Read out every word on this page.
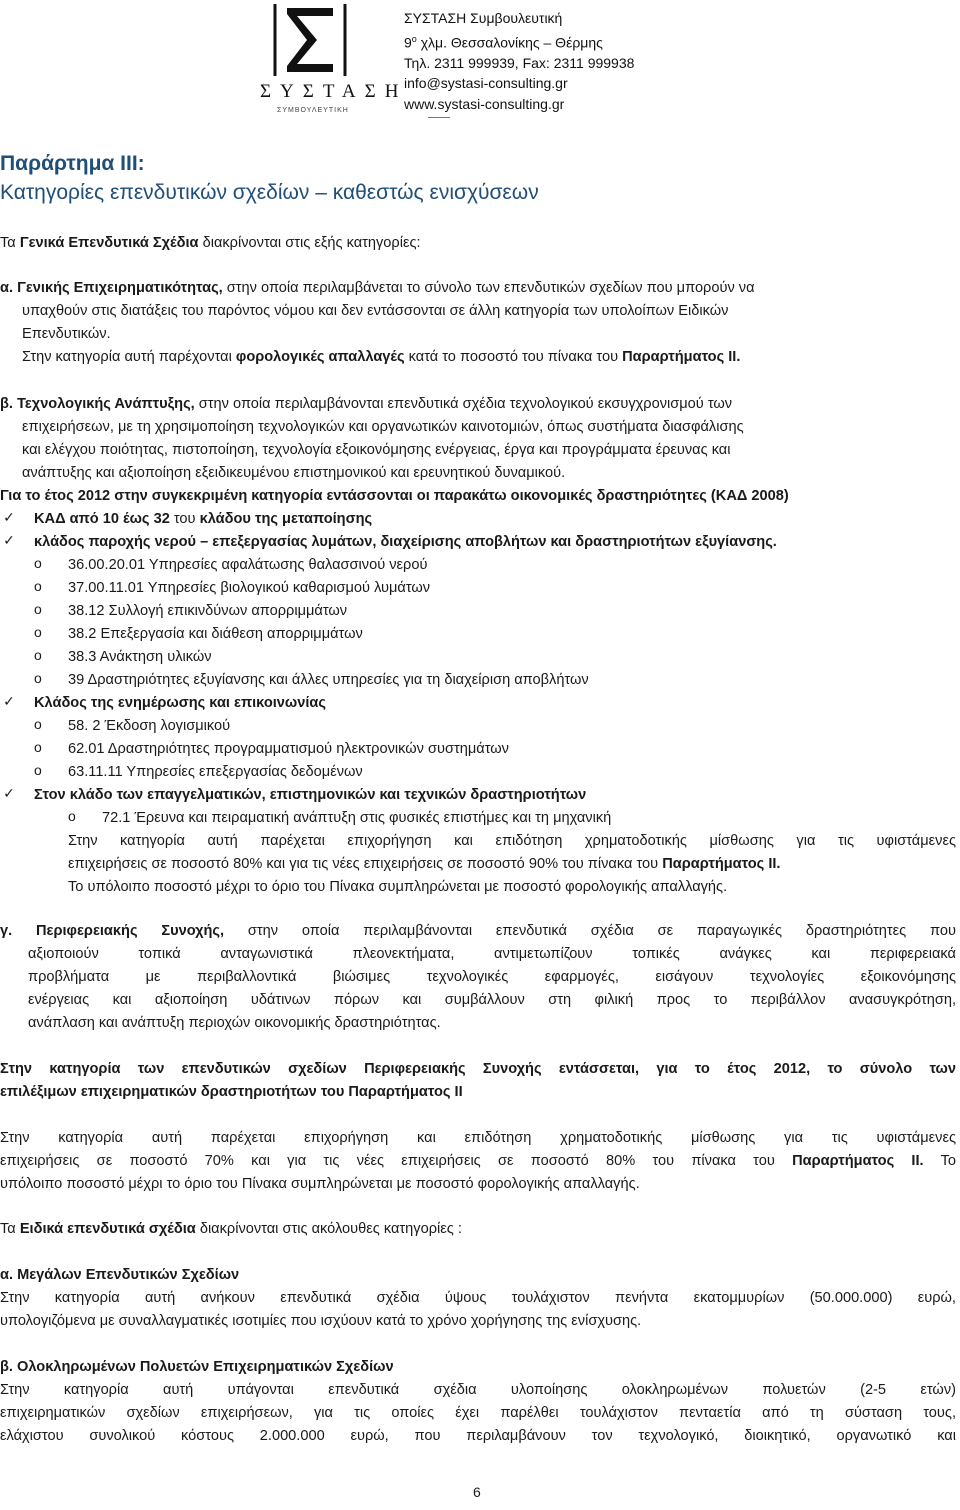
ΣΥΣΤΑΣΗ
ΣΥΜΒΟΥΛΕΥΤΙΚΗ
ΣΥΣΤΑΣΗ Συμβουλευτική
$9^o$ χλμ. Θεσσαλονίκης – Θέρμης
Τηλ. 2311 999939, Fax: 2311 999938
info@systasi-consulting.gr
www.systasi-consulting.gr
Παράρτημα ΙΙΙ:
Κατηγορίες επενδυτικών σχεδίων – καθεστώς ενισχύσεων
Τα Γενικά Επενδυτικά Σχέδια διακρίνονται στις εξής κατηγορίες:
α. Γενικής Επιχειρηματικότητας, στην οποία περιλαμβάνεται το σύνολο των επενδυτικών σχεδίων που μπορούν να
υπαχθούν στις διατάξεις του παρόντος νόμου και δεν εντάσσονται σε άλλη κατηγορία των υπολοίπων Ειδικών
Επενδυτικών.
Στην κατηγορία αυτή παρέχονται φορολογικές απαλλαγές κατά το ποσοστό του πίνακα του Παραρτήματος ΙΙ.
β. Τεχνολογικής Ανάπτυξης, στην οποία περιλαμβάνονται επενδυτικά σχέδια τεχνολογικού εκσυγχρονισμού των
επιχειρήσεων, με τη χρησιμοποίηση τεχνολογικών και οργανωτικών καινοτομιών, όπως συστήματα διασφάλισης
και ελέγχου ποιότητας, πιστοποίηση, τεχνολογία εξοικονόμησης ενέργειας, έργα και προγράμματα έρευνας και
ανάπτυξης και αξιοποίηση εξειδικευμένου επιστημονικού και ερευνητικού δυναμικού.
Για το έτος 2012 στην συγκεκριμένη κατηγορία εντάσσονται οι παρακάτω οικονομικές δραστηριότητες (ΚΑΔ 2008)
✓ ΚΑΔ από 10 έως 32 του κλάδου της μεταποίησης
✓ κλάδος παροχής νερού – επεξεργασίας λυμάτων, διαχείρισης αποβλήτων και δραστηριοτήτων εξυγίανσης.
o 36.00.20.01 Υπηρεσίες αφαλάτωσης θαλασσινού νερού
o 37.00.11.01 Υπηρεσίες βιολογικού καθαρισμού λυμάτων
o 38.12 Συλλογή επικινδύνων απορριμμάτων
o 38.2 Επεξεργασία και διάθεση απορριμμάτων
o 38.3 Ανάκτηση υλικών
o 39 Δραστηριότητες εξυγίανσης και άλλες υπηρεσίες για τη διαχείριση αποβλήτων
✓ Κλάδος της ενημέρωσης και επικοινωνίας
o 58. 2 Έκδοση λογισμικού
o 62.01 Δραστηριότητες προγραμματισμού ηλεκτρονικών συστημάτων
o 63.11.11 Υπηρεσίες επεξεργασίας δεδομένων
✓ Στον κλάδο των επαγγελματικών, επιστημονικών και τεχνικών δραστηριοτήτων
o 72.1 Έρευνα και πειραματική ανάπτυξη στις φυσικές επιστήμες και τη μηχανική
Στην κατηγορία αυτή παρέχεται επιχορήγηση και επιδότηση χρηματοδοτικής μίσθωσης για τις υφιστάμενες
επιχειρήσεις σε ποσοστό 80% και για τις νέες επιχειρήσεις σε ποσοστό 90% του πίνακα του Παραρτήματος ΙΙ.
Το υπόλοιπο ποσοστό μέχρι το όριο του Πίνακα συμπληρώνεται με ποσοστό φορολογικής απαλλαγής.
γ. Περιφερειακής Συνοχής, στην οποία περιλαμβάνονται επενδυτικά σχέδια σε παραγωγικές δραστηριότητες που
αξιοποιούν τοπικά ανταγωνιστικά πλεονεκτήματα, αντιμετωπίζουν τοπικές ανάγκες και περιφερειακά
προβλήματα με περιβαλλοντικά βιώσιμες τεχνολογικές εφαρμογές, εισάγουν τεχνολογίες εξοικονόμησης
ενέργειας και αξιοποίηση υδάτινων πόρων και συμβάλλουν στη φιλική προς το περιβάλλον ανασυγκρότηση,
ανάπλαση και ανάπτυξη περιοχών οικονομικής δραστηριότητας.
Στην κατηγορία των επενδυτικών σχεδίων Περιφερειακής Συνοχής εντάσσεται, για το έτος 2012, το σύνολο των
επιλέξιμων επιχειρηματικών δραστηριοτήτων του Παραρτήματος ΙΙ
Στην κατηγορία αυτή παρέχεται επιχορήγηση και επιδότηση χρηματοδοτικής μίσθωσης για τις υφιστάμενες
επιχειρήσεις σε ποσοστό 70% και για τις νέες επιχειρήσεις σε ποσοστό 80% του πίνακα του Παραρτήματος ΙΙ. Το
υπόλοιπο ποσοστό μέχρι το όριο του Πίνακα συμπληρώνεται με ποσοστό φορολογικής απαλλαγής.
Τα Ειδικά επενδυτικά σχέδια διακρίνονται στις ακόλουθες κατηγορίες :
α. Μεγάλων Επενδυτικών Σχεδίων
Στην κατηγορία αυτή ανήκουν επενδυτικά σχέδια ύψους τουλάχιστον πενήντα εκατομμυρίων (50.000.000) ευρώ,
υπολογιζόμενα με συναλλαγματικές ισοτιμίες που ισχύουν κατά το χρόνο χορήγησης της ενίσχυσης.
β. Ολοκληρωμένων Πολυετών Επιχειρηματικών Σχεδίων
Στην κατηγορία αυτή υπάγονται επενδυτικά σχέδια υλοποίησης ολοκληρωμένων πολυετών (2-5 ετών)
επιχειρηματικών σχεδίων επιχειρήσεων, για τις οποίες έχει παρέλθει τουλάχιστον πενταετία από τη σύσταση τους,
ελάχιστου συνολικού κόστους 2.000.000 ευρώ, που περιλαμβάνουν τον τεχνολογικό, διοικητικό, οργανωτικό και
6
